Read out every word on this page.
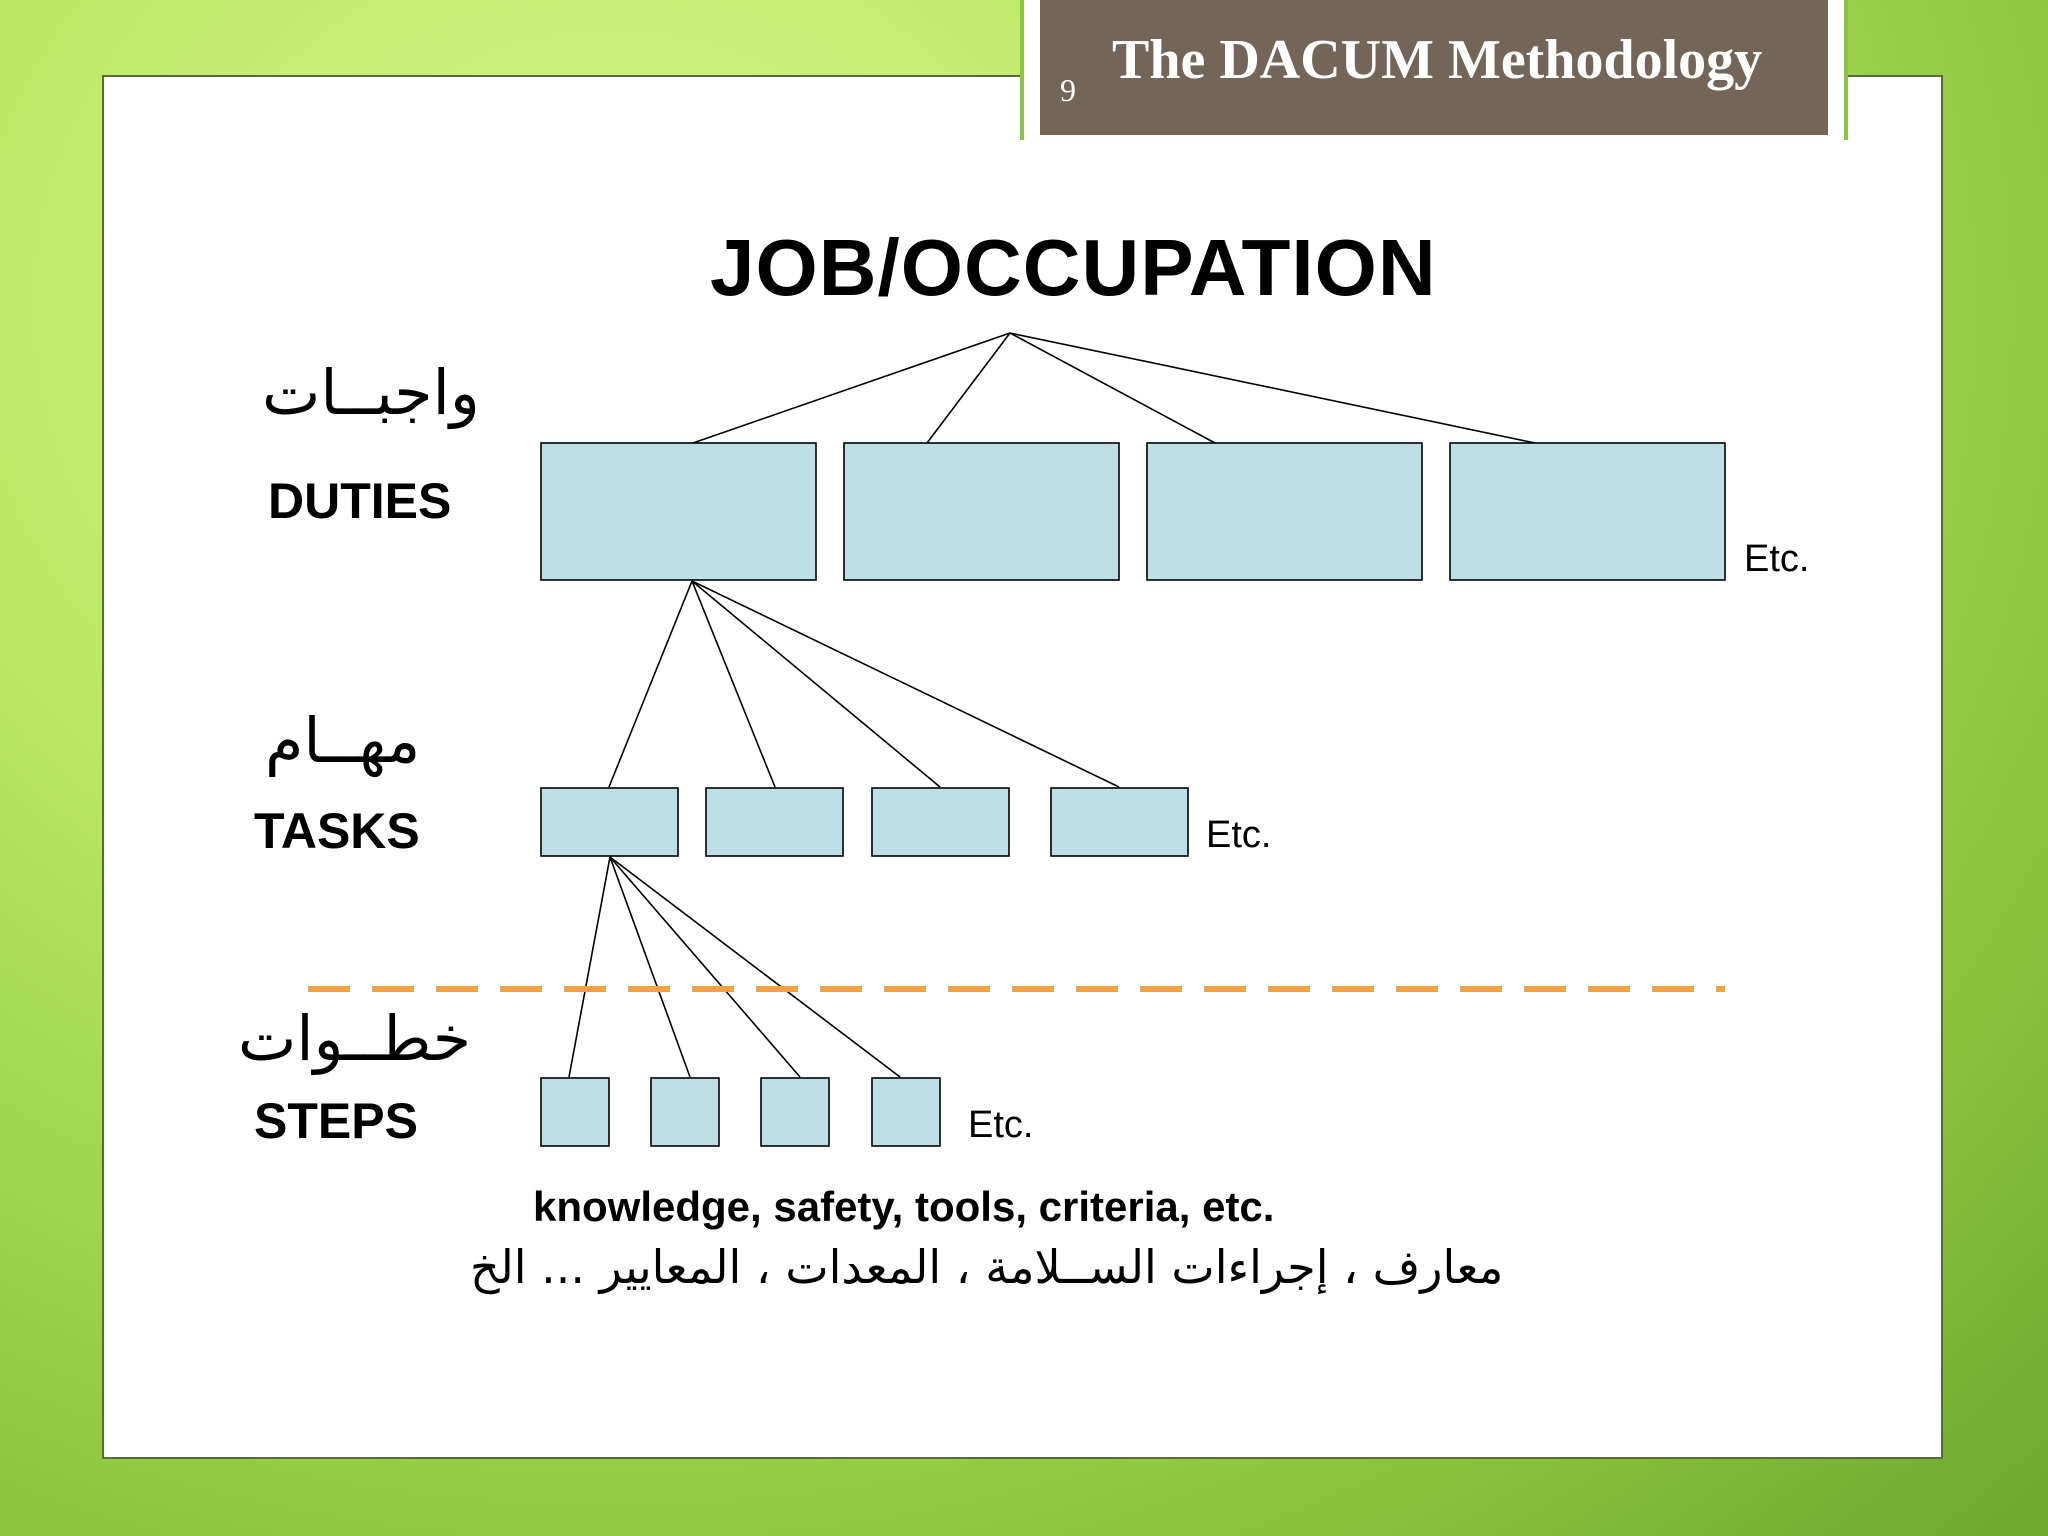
9 The DACUM Methodology
JOB/OCCUPATION
واجبــات
DUTIES
Etc.
مهــام
TASKS	Etc.
خطــوات
STEPS	Etc.
knowledge, safety, tools, criteria, etc.
معارف ، إجراءات الســلامة ، المعدات ، المعايير ... الخ
